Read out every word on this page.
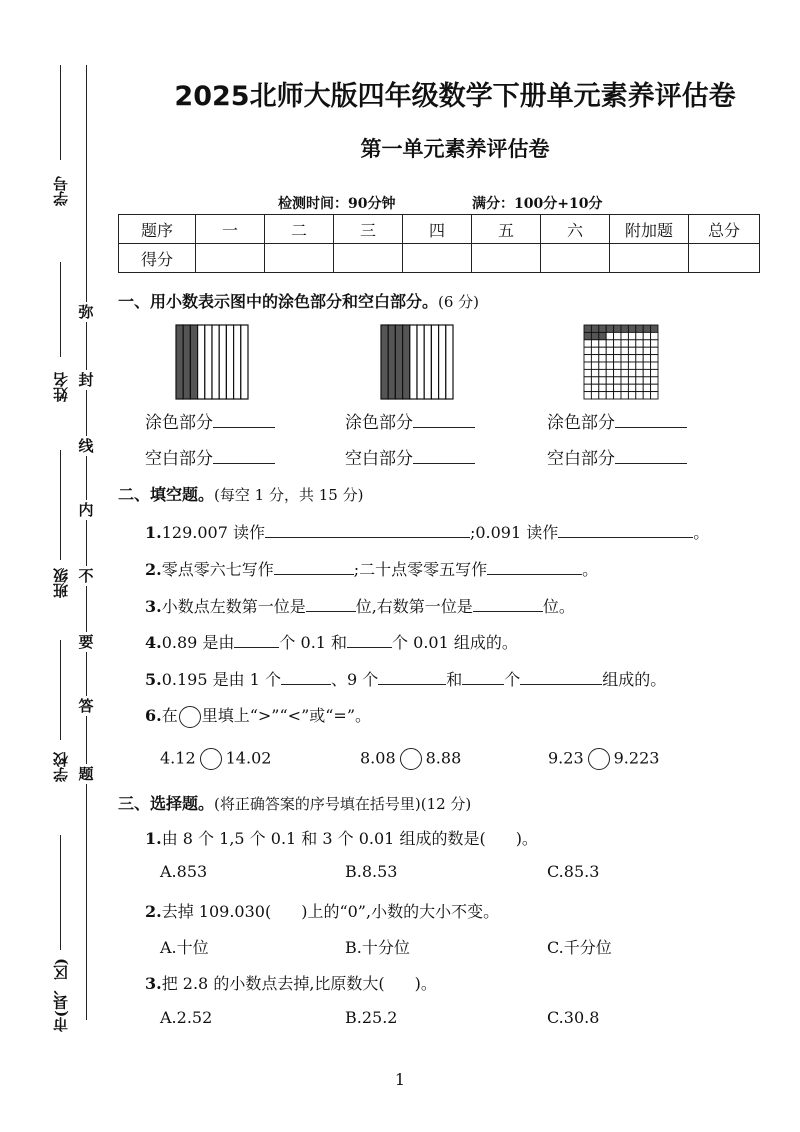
学号
姓名
班级
学校
市(县、区)
弥
封
线
内
不
要
答
题
2025北师大版四年级数学下册单元素养评估卷
第一单元素养评估卷
检测时间：90分钟	满分：100分+10分
题序	一	二	三	四	五	六	附加题	总分
得分								
一、用小数表示图中的涂色部分和空白部分。(6 分)
涂色部分	涂色部分	涂色部分
空白部分	空白部分	空白部分
二、填空题。(每空 1 分，共 15 分)
1.129.007 读作	;0.091 读作	。
2.零点零六七写作	;二十点零零五写作	。
3.小数点左数第一位是	位,右数第一位是	位。
4.0.89 是由	个 0.1 和	个 0.01 组成的。
5.0.195 是由 1 个	、9 个	和	个	组成的。
6.在 里填上“>”“<”或“=”。
4.12 14.02	8.08 8.88	9.23 9.223
三、选择题。(将正确答案的序号填在括号里)(12 分)
1.由 8 个 1,5 个 0.1 和 3 个 0.01 组成的数是( )。
A.853	B.8.53	C.85.3
2.去掉 109.030( )上的“0”,小数的大小不变。
A.十位	B.十分位	C.千分位
3.把 2.8 的小数点去掉,比原数大( )。
A.2.52	B.25.2	C.30.8
1
